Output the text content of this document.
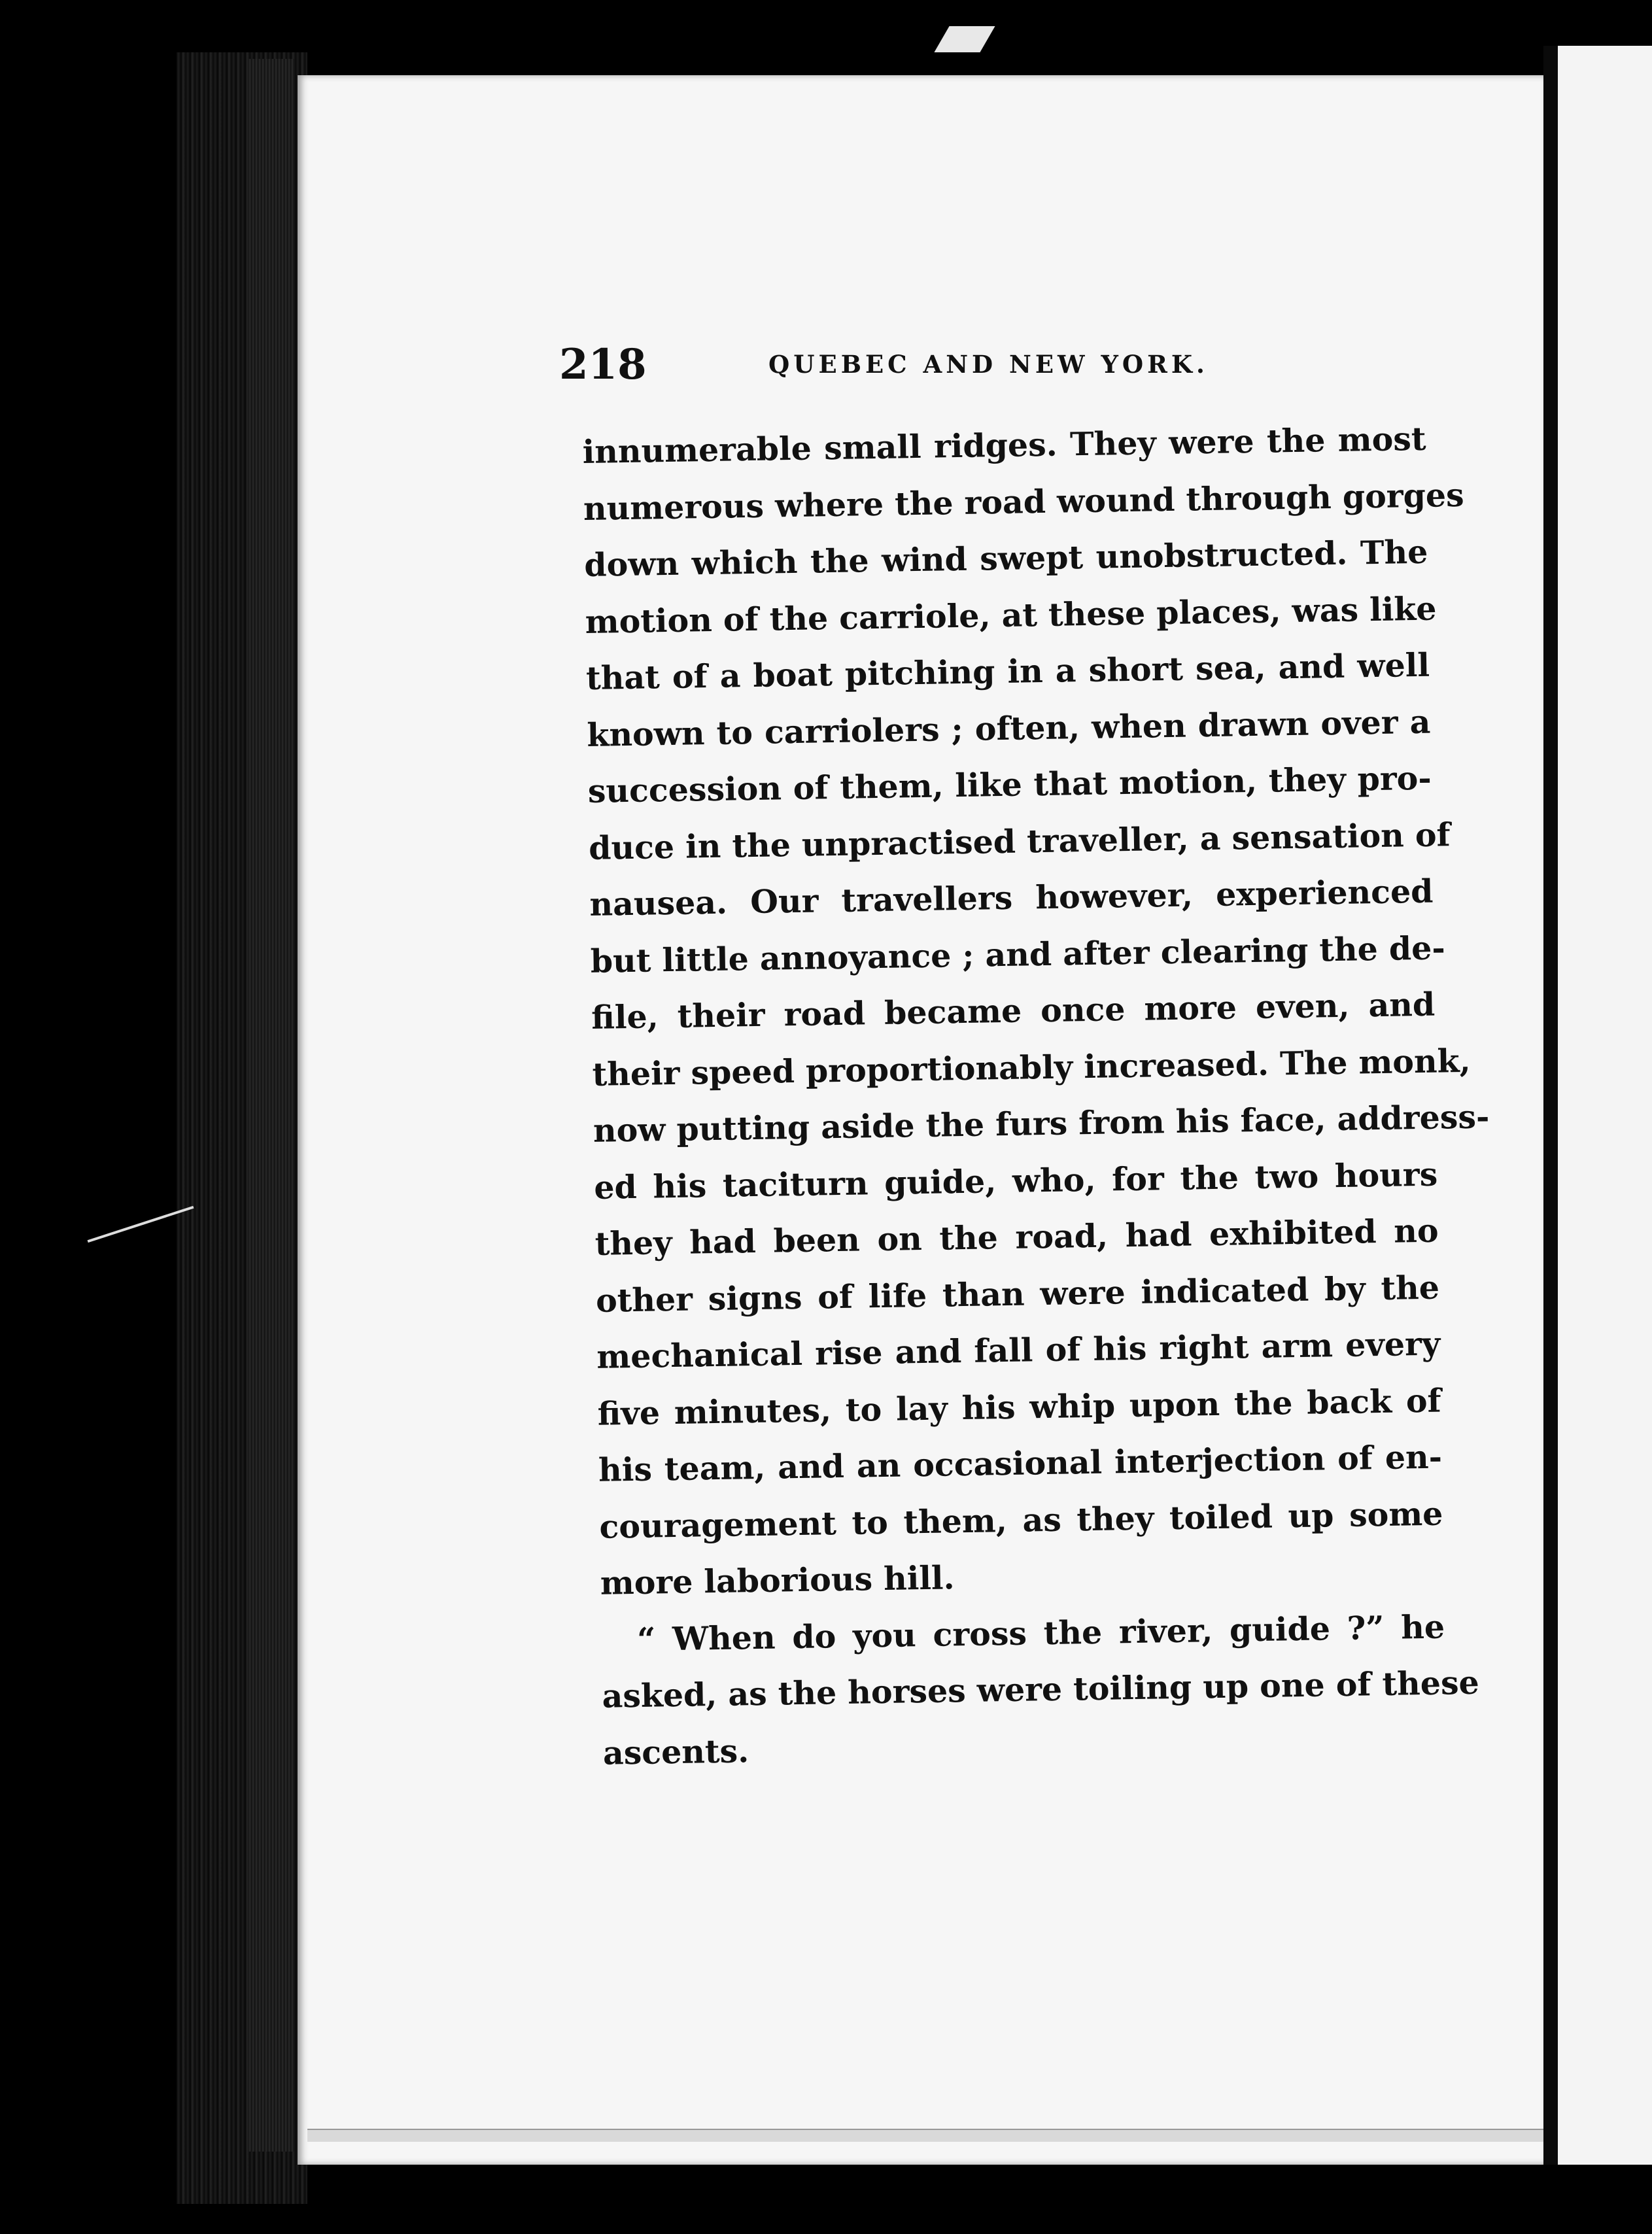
218	QUEBEC AND NEW YORK.
innumerable small ridges. They were the most
numerous where the road wound through gorges
down which the wind swept unobstructed. The
motion of the carriole, at these places, was like
that of a boat pitching in a short sea, and well
known to carriolers ; often, when drawn over a
succession of them, like that motion, they pro-
duce in the unpractised traveller, a sensation of
nausea. Our travellers however, experienced
but little annoyance ; and after clearing the de-
file, their road became once more even, and
their speed proportionably increased. The monk,
now putting aside the furs from his face, address-
ed his taciturn guide, who, for the two hours
they had been on the road, had exhibited no
other signs of life than were indicated by the
mechanical rise and fall of his right arm every
five minutes, to lay his whip upon the back of
his team, and an occasional interjection of en-
couragement to them, as they toiled up some
more laborious hill.
“ When do you cross the river, guide ?” he
asked, as the horses were toiling up one of these
ascents.
